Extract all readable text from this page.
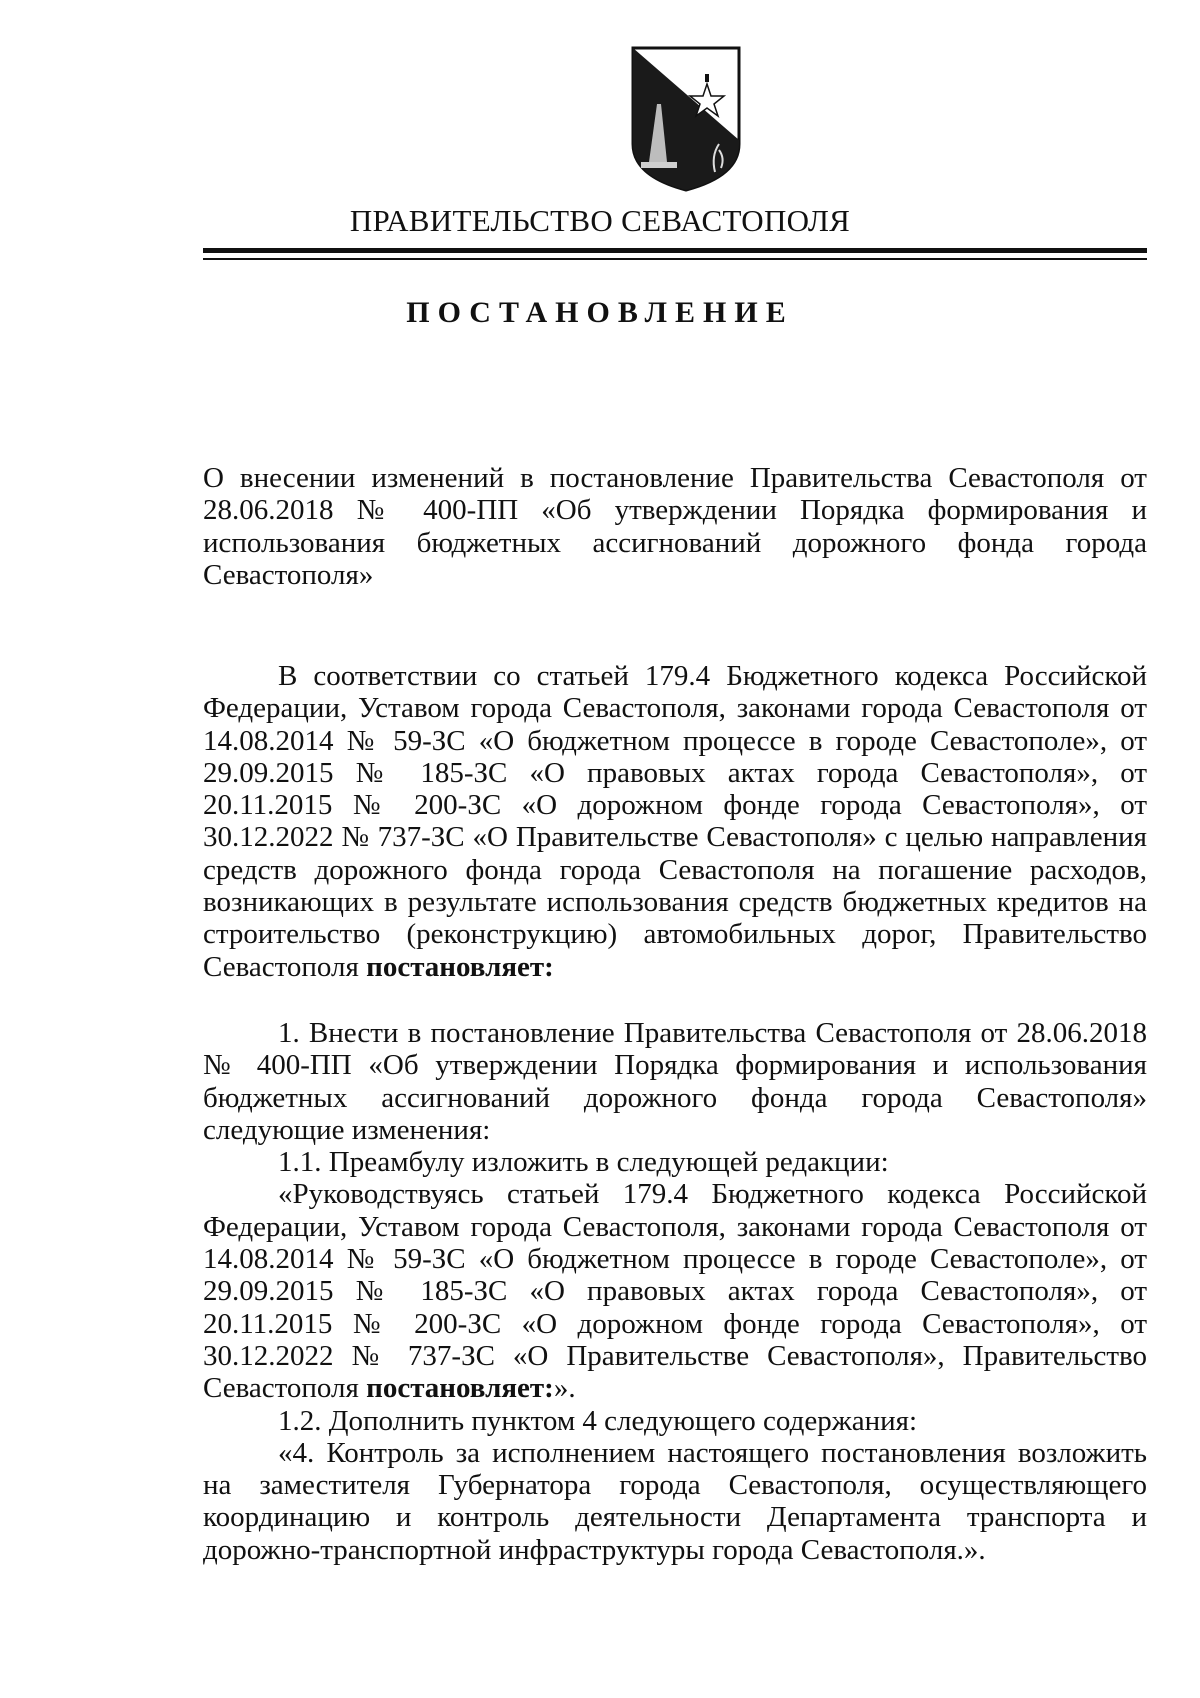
ПРАВИТЕЛЬСТВО СЕВАСТОПОЛЯ
ПОСТАНОВЛЕНИЕ

О внесении изменений в постановление Правительства Севастополя от 28.06.2018 № 400-ПП «Об утверждении Порядка формирования и использования бюджетных ассигнований дорожного фонда города Севастополя»

В соответствии со статьей 179.4 Бюджетного кодекса Российской Федерации, Уставом города Севастополя, законами города Севастополя от 14.08.2014 № 59-ЗС «О бюджетном процессе в городе Севастополе», от 29.09.2015 № 185-ЗС «О правовых актах города Севастополя», от 20.11.2015 № 200-ЗС «О дорожном фонде города Севастополя», от 30.12.2022 № 737-ЗС «О Правительстве Севастополя» с целью направления средств дорожного фонда города Севастополя на погашение расходов, возникающих в результате использования средств бюджетных кредитов на строительство (реконструкцию) автомобильных дорог, Правительство Севастополя постановляет:

1. Внести в постановление Правительства Севастополя от 28.06.2018 № 400-ПП «Об утверждении Порядка формирования и использования бюджетных ассигнований дорожного фонда города Севастополя» следующие изменения:

1.1. Преамбулу изложить в следующей редакции:

«Руководствуясь статьей 179.4 Бюджетного кодекса Российской Федерации, Уставом города Севастополя, законами города Севастополя от 14.08.2014 № 59-ЗС «О бюджетном процессе в городе Севастополе», от 29.09.2015 № 185-ЗС «О правовых актах города Севастополя», от 20.11.2015 № 200-ЗС «О дорожном фонде города Севастополя», от 30.12.2022 № 737-ЗС «О Правительстве Севастополя», Правительство Севастополя постановляет:».

1.2. Дополнить пунктом 4 следующего содержания:

«4. Контроль за исполнением настоящего постановления возложить на заместителя Губернатора города Севастополя, осуществляющего координацию и контроль деятельности Департамента транспорта и дорожно-транспортной инфраструктуры города Севастополя.».
